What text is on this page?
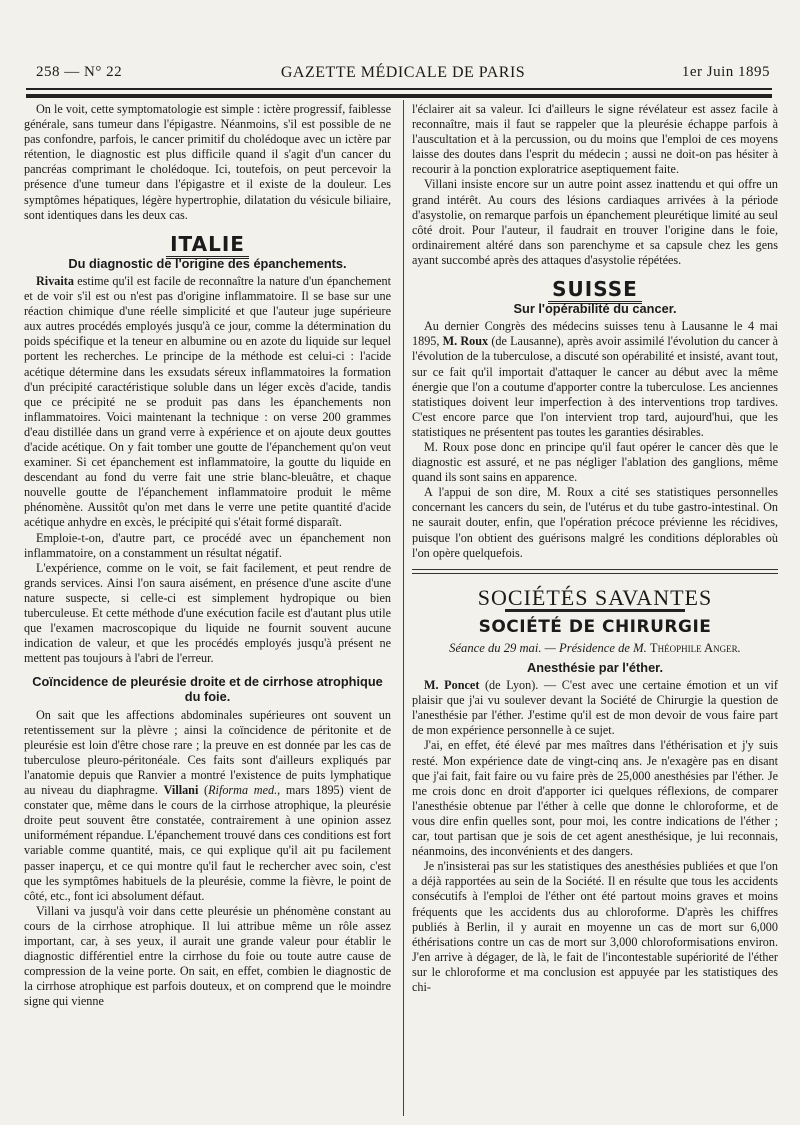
258 — N° 22	GAZETTE MÉDICALE DE PARIS	1er Juin 1895

On le voit, cette symptomatologie est simple : ictère progressif, faiblesse générale, sans tumeur dans l'épigastre. Néanmoins, s'il est possible de ne pas confondre, parfois, le cancer primitif du cholédoque avec un ictère par rétention, le diagnostic est plus difficile quand il s'agit d'un cancer du pancréas comprimant le cholédoque. Ici, toutefois, on peut percevoir la présence d'une tumeur dans l'épigastre et il existe de la douleur. Les symptômes hépatiques, légère hypertrophie, dilatation du vésicule biliaire, sont identiques dans les deux cas.

ITALIE
Du diagnostic de l'origine des épanchements.

Rivaita estime qu'il est facile de reconnaître la nature d'un épanchement et de voir s'il est ou n'est pas d'origine inflammatoire. Il se base sur une réaction chimique d'une réelle simplicité et que l'auteur juge supérieure aux autres procédés employés jusqu'à ce jour, comme la détermination du poids spécifique et la teneur en albumine ou en azote du liquide sur lequel portent les recherches. Le principe de la méthode est celui-ci : l'acide acétique détermine dans les exsudats séreux inflammatoires la formation d'un précipité caractéristique soluble dans un léger excès d'acide, tandis que ce précipité ne se produit pas dans les épanchements non inflammatoires. Voici maintenant la technique : on verse 200 grammes d'eau distillée dans un grand verre à expérience et on ajoute deux gouttes d'acide acétique. On y fait tomber une goutte de l'épanchement qu'on veut examiner. Si cet épanchement est inflammatoire, la goutte du liquide en descendant au fond du verre fait une strie blanc-bleuâtre, et chaque nouvelle goutte de l'épanchement inflammatoire produit le même phénomène. Aussitôt qu'on met dans le verre une petite quantité d'acide acétique anhydre en excès, le précipité qui s'était formé disparaît.

Emploie-t-on, d'autre part, ce procédé avec un épanchement non inflammatoire, on a constamment un résultat négatif.

L'expérience, comme on le voit, se fait facilement, et peut rendre de grands services. Ainsi l'on saura aisément, en présence d'une ascite d'une nature suspecte, si celle-ci est simplement hydropique ou bien tuberculeuse. Et cette méthode d'une exécution facile est d'autant plus utile que l'examen macroscopique du liquide ne fournit souvent aucune indication de valeur, et que les procédés employés jusqu'à présent ne mettent pas toujours à l'abri de l'erreur.

Coïncidence de pleurésie droite et de cirrhose atrophique du foie.

On sait que les affections abdominales supérieures ont souvent un retentissement sur la plèvre ; ainsi la coïncidence de péritonite et de pleurésie est loin d'être chose rare ; la preuve en est donnée par les cas de tuberculose pleuro-péritonéale. Ces faits sont d'ailleurs expliqués par l'anatomie depuis que Ranvier a montré l'existence de puits lymphatique au niveau du diaphragme. Villani (Riforma med., mars 1895) vient de constater que, même dans le cours de la cirrhose atrophique, la pleurésie droite peut souvent être constatée, contrairement à une opinion assez uniformément répandue. L'épanchement trouvé dans ces conditions est fort variable comme quantité, mais, ce qui explique qu'il ait pu facilement passer inaperçu, et ce qui montre qu'il faut le rechercher avec soin, c'est que les symptômes habituels de la pleurésie, comme la fièvre, le point de côté, etc., font ici absolument défaut.

Villani va jusqu'à voir dans cette pleurésie un phénomène constant au cours de la cirrhose atrophique. Il lui attribue même un rôle assez important, car, à ses yeux, il aurait une grande valeur pour établir le diagnostic différentiel entre la cirrhose du foie ou toute autre cause de compression de la veine porte. On sait, en effet, combien le diagnostic de la cirrhose atrophique est parfois douteux, et on comprend que le moindre signe qui vienne

l'éclairer ait sa valeur. Ici d'ailleurs le signe révélateur est assez facile à reconnaître, mais il faut se rappeler que la pleurésie échappe parfois à l'auscultation et à la percussion, ou du moins que l'emploi de ces moyens laisse des doutes dans l'esprit du médecin ; aussi ne doit-on pas hésiter à recourir à la ponction exploratrice aseptiquement faite.

Villani insiste encore sur un autre point assez inattendu et qui offre un grand intérêt. Au cours des lésions cardiaques arrivées à la période d'asystolie, on remarque parfois un épanchement pleurétique limité au seul côté droit. Pour l'auteur, il faudrait en trouver l'origine dans le foie, ordinairement altéré dans son parenchyme et sa capsule chez les gens ayant succombé après des attaques d'asystolie répétées.

SUISSE
Sur l'opérabilité du cancer.

Au dernier Congrès des médecins suisses tenu à Lausanne le 4 mai 1895, M. Roux (de Lausanne), après avoir assimilé l'évolution du cancer à l'évolution de la tuberculose, a discuté son opérabilité et insisté, avant tout, sur ce fait qu'il importait d'attaquer le cancer au début avec la même énergie que l'on a coutume d'apporter contre la tuberculose. Les anciennes statistiques doivent leur imperfection à des interventions trop tardives. C'est encore parce que l'on intervient trop tard, aujourd'hui, que les statistiques ne présentent pas toutes les garanties désirables.

M. Roux pose donc en principe qu'il faut opérer le cancer dès que le diagnostic est assuré, et ne pas négliger l'ablation des ganglions, même quand ils sont sains en apparence.

A l'appui de son dire, M. Roux a cité ses statistiques personnelles concernant les cancers du sein, de l'utérus et du tube gastro-intestinal. On ne saurait douter, enfin, que l'opération précoce prévienne les récidives, puisque l'on obtient des guérisons malgré les conditions déplorables où l'on opère quelquefois.

SOCIÉTÉS SAVANTES
SOCIÉTÉ DE CHIRURGIE
Séance du 29 mai. — Présidence de M. Théophile Anger.
Anesthésie par l'éther.

M. Poncet (de Lyon). — C'est avec une certaine émotion et un vif plaisir que j'ai vu soulever devant la Société de Chirurgie la question de l'anesthésie par l'éther. J'estime qu'il est de mon devoir de vous faire part de mon expérience personnelle à ce sujet.

J'ai, en effet, été élevé par mes maîtres dans l'éthérisation et j'y suis resté. Mon expérience date de vingt-cinq ans. Je n'exagère pas en disant que j'ai fait, fait faire ou vu faire près de 25,000 anesthésies par l'éther. Je me crois donc en droit d'apporter ici quelques réflexions, de comparer l'anesthésie obtenue par l'éther à celle que donne le chloroforme, et de vous dire enfin quelles sont, pour moi, les contre indications de l'éther ; car, tout partisan que je sois de cet agent anesthésique, je lui reconnais, néanmoins, des inconvénients et des dangers.

Je n'insisterai pas sur les statistiques des anesthésies publiées et que l'on a déjà rapportées au sein de la Société. Il en résulte que tous les accidents consécutifs à l'emploi de l'éther ont été partout moins graves et moins fréquents que les accidents dus au chloroforme. D'après les chiffres publiés à Berlin, il y aurait en moyenne un cas de mort sur 6,000 éthérisations contre un cas de mort sur 3,000 chloroformisations environ. J'en arrive à dégager, de là, le fait de l'incontestable supériorité de l'éther sur le chloroforme et ma conclusion est appuyée par les statistiques des chi-
